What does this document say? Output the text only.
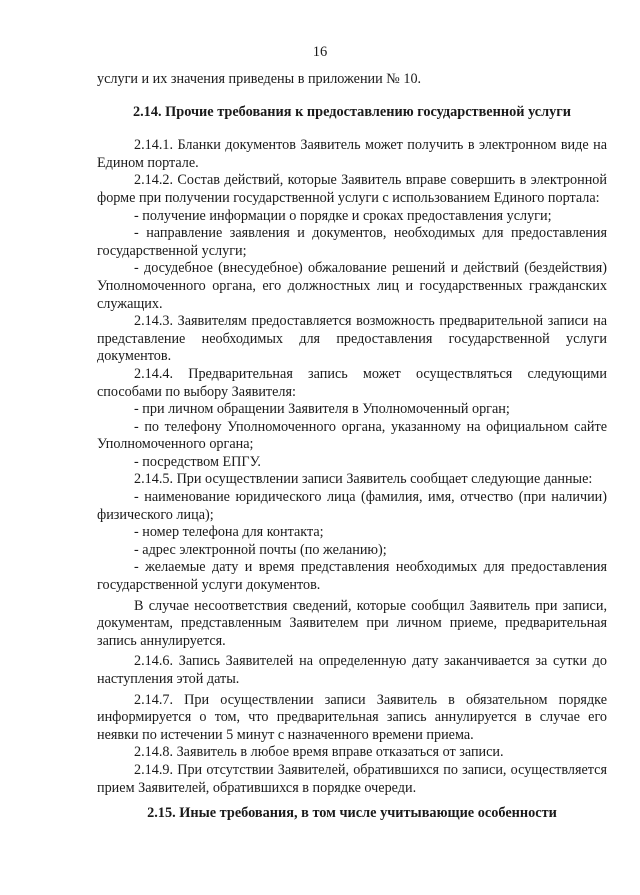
16

услуги и их значения приведены в приложении № 10.

2.14. Прочие требования к предоставлению государственной услуги

2.14.1. Бланки документов Заявитель может получить в электронном виде на Едином портале.

2.14.2. Состав действий, которые Заявитель вправе совершить в электронной форме при получении государственной услуги с использованием Единого портала:

- получение информации о порядке и сроках предоставления услуги;

- направление заявления и документов, необходимых для предоставления государственной услуги;

- досудебное (внесудебное) обжалование решений и действий (бездействия) Уполномоченного органа, его должностных лиц и государственных гражданских служащих.

2.14.3. Заявителям предоставляется возможность предварительной записи на представление необходимых для предоставления государственной услуги документов.

2.14.4. Предварительная запись может осуществляться следующими способами по выбору Заявителя:

- при личном обращении Заявителя в Уполномоченный орган;

- по телефону Уполномоченного органа, указанному на официальном сайте Уполномоченного органа;

- посредством ЕПГУ.

2.14.5. При осуществлении записи Заявитель сообщает следующие данные:

- наименование юридического лица (фамилия, имя, отчество (при наличии) физического лица);

- номер телефона для контакта;

- адрес электронной почты (по желанию);

- желаемые дату и время представления необходимых для предоставления государственной услуги документов.

В случае несоответствия сведений, которые сообщил Заявитель при записи, документам, представленным Заявителем при личном приеме, предварительная запись аннулируется.

2.14.6. Запись Заявителей на определенную дату заканчивается за сутки до наступления этой даты.

2.14.7. При осуществлении записи Заявитель в обязательном порядке информируется о том, что предварительная запись аннулируется в случае его неявки по истечении 5 минут с назначенного времени приема.

2.14.8. Заявитель в любое время вправе отказаться от записи.

2.14.9. При отсутствии Заявителей, обратившихся по записи, осуществляется прием Заявителей, обратившихся в порядке очереди.

2.15. Иные требования, в том числе учитывающие особенности
